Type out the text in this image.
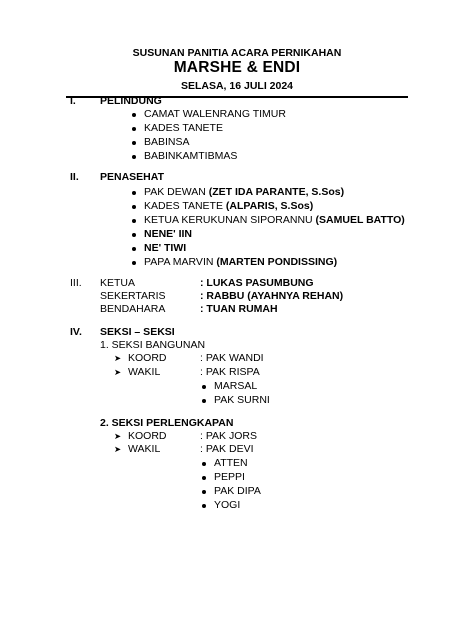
SUSUNAN PANITIA ACARA PERNIKAHAN
MARSHE & ENDI
SELASA, 16 JULI 2024
I. PELINDUNG
CAMAT WALENRANG TIMUR
KADES TANETE
BABINSA
BABINKAMTIBMAS
II. PENASEHAT
PAK DEWAN (ZET IDA PARANTE, S.Sos)
KADES TANETE (ALPARIS, S.Sos)
KETUA KERUKUNAN SIPORANNU (SAMUEL BATTO)
NENE' IIN
NE' TIWI
PAPA MARVIN (MARTEN PONDISSING)
III. KETUA	: LUKAS PASUMBUNG
SEKERTARIS	: RABBU (AYAHNYA REHAN)
BENDAHARA	: TUAN RUMAH
IV. SEKSI – SEKSI
1. SEKSI BANGUNAN
➤ KOORD	: PAK WANDI
➤ WAKIL	: PAK RISPA
MARSAL
PAK SURNI
2. SEKSI PERLENGKAPAN
➤ KOORD	: PAK JORS
➤ WAKIL	: PAK DEVI
ATTEN
PEPPI
PAK DIPA
YOGI
